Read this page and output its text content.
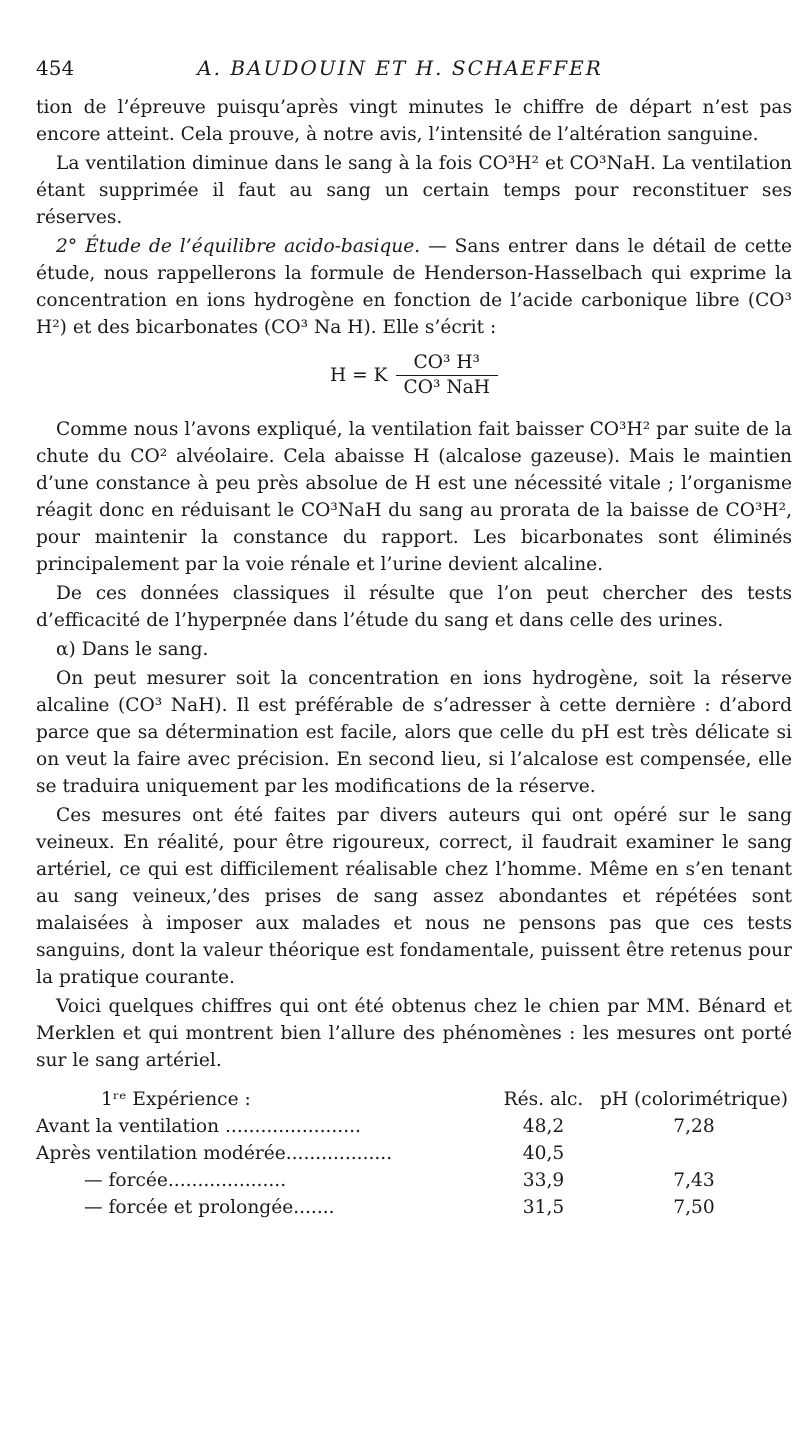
454	A. BAUDOUIN ET H. SCHAEFFER

tion de l’épreuve puisqu’après vingt minutes le chiffre de départ n’est pas encore atteint. Cela prouve, à notre avis, l’intensité de l’altération sanguine.

La ventilation diminue dans le sang à la fois CO³H² et CO³NaH. La ventilation étant supprimée il faut au sang un certain temps pour reconstituer ses réserves.

2° Étude de l’équilibre acido-basique. — Sans entrer dans le détail de cette étude, nous rappellerons la formule de Henderson-Hasselbach qui exprime la concentration en ions hydrogène en fonction de l’acide carbonique libre (CO³ H²) et des bicarbonates (CO³ Na H). Elle s’écrit :

H = K $\frac{\text{CO³ H³}}{\text{CO³ NaH}}$

Comme nous l’avons expliqué, la ventilation fait baisser CO³H² par suite de la chute du CO² alvéolaire. Cela abaisse H (alcalose gazeuse). Mais le maintien d’une constance à peu près absolue de H est une nécessité vitale ; l’organisme réagit donc en réduisant le CO³NaH du sang au prorata de la baisse de CO³H², pour maintenir la constance du rapport. Les bicarbonates sont éliminés principalement par la voie rénale et l’urine devient alcaline.

De ces données classiques il résulte que l’on peut chercher des tests d’efficacité de l’hyperpnée dans l’étude du sang et dans celle des urines.

α) Dans le sang.

On peut mesurer soit la concentration en ions hydrogène, soit la réserve alcaline (CO³ NaH). Il est préférable de s’adresser à cette dernière : d’abord parce que sa détermination est facile, alors que celle du pH est très délicate si on veut la faire avec précision. En second lieu, si l’alcalose est compensée, elle se traduira uniquement par les modifications de la réserve.

Ces mesures ont été faites par divers auteurs qui ont opéré sur le sang veineux. En réalité, pour être rigoureux, correct, il faudrait examiner le sang artériel, ce qui est difficilement réalisable chez l’homme. Même en s’en tenant au sang veineux,’des prises de sang assez abondantes et répétées sont malaisées à imposer aux malades et nous ne pensons pas que ces tests sanguins, dont la valeur théorique est fondamentale, puissent être retenus pour la pratique courante.

Voici quelques chiffres qui ont été obtenus chez le chien par MM. Bénard et Merklen et qui montrent bien l’allure des phénomènes : les mesures ont porté sur le sang artériel.

1ʳᵉ Expérience :	Rés. alc. pH (colorimétrique)
Avant la ventilation .......................	48,2	7,28
Après ventilation modérée..................	40,5
— forcée....................	33,9	7,43
— forcée et prolongée.......	31,5	7,50
